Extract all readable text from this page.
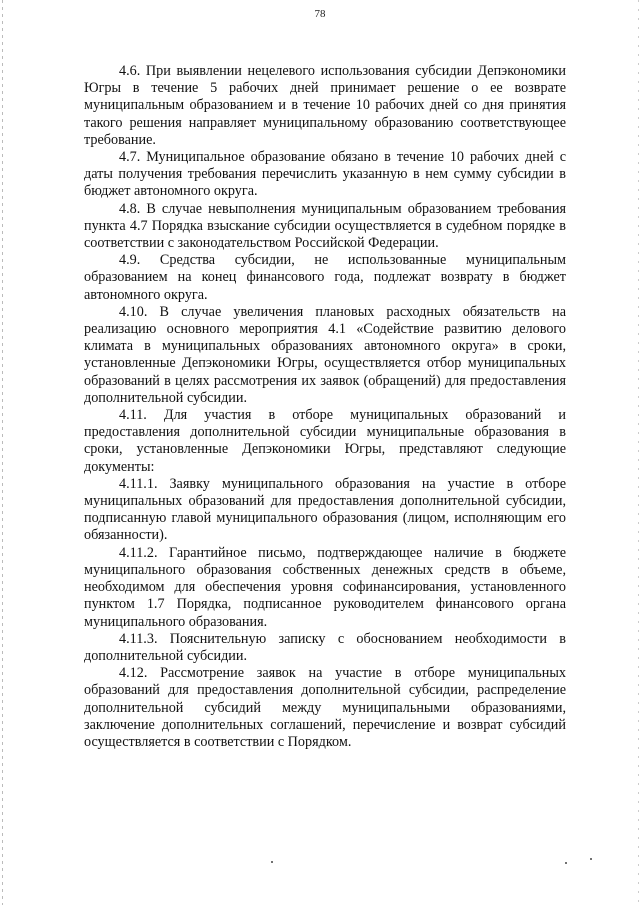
78

4.6. При выявлении нецелевого использования субсидии Депэкономики Югры в течение 5 рабочих дней принимает решение о ее возврате муниципальным образованием и в течение 10 рабочих дней со дня принятия такого решения направляет муниципальному образованию соответствующее требование.

4.7. Муниципальное образование обязано в течение 10 рабочих дней с даты получения требования перечислить указанную в нем сумму субсидии в бюджет автономного округа.

4.8. В случае невыполнения муниципальным образованием требования пункта 4.7 Порядка взыскание субсидии осуществляется в судебном порядке в соответствии с законодательством Российской Федерации.

4.9. Средства субсидии, не использованные муниципальным образованием на конец финансового года, подлежат возврату в бюджет автономного округа.

4.10. В случае увеличения плановых расходных обязательств на реализацию основного мероприятия 4.1 «Содействие развитию делового климата в муниципальных образованиях автономного округа» в сроки, установленные Депэкономики Югры, осуществляется отбор муниципальных образований в целях рассмотрения их заявок (обращений) для предоставления дополнительной субсидии.

4.11. Для участия в отборе муниципальных образований и предоставления дополнительной субсидии муниципальные образования в сроки, установленные Депэкономики Югры, представляют следующие документы:

4.11.1. Заявку муниципального образования на участие в отборе муниципальных образований для предоставления дополнительной субсидии, подписанную главой муниципального образования (лицом, исполняющим его обязанности).

4.11.2. Гарантийное письмо, подтверждающее наличие в бюджете муниципального образования собственных денежных средств в объеме, необходимом для обеспечения уровня софинансирования, установленного пунктом 1.7 Порядка, подписанное руководителем финансового органа муниципального образования.

4.11.3. Пояснительную записку с обоснованием необходимости в дополнительной субсидии.

4.12. Рассмотрение заявок на участие в отборе муниципальных образований для предоставления дополнительной субсидии, распределение дополнительной субсидий между муниципальными образованиями, заключение дополнительных соглашений, перечисление и возврат субсидий осуществляется в соответствии с Порядком.
